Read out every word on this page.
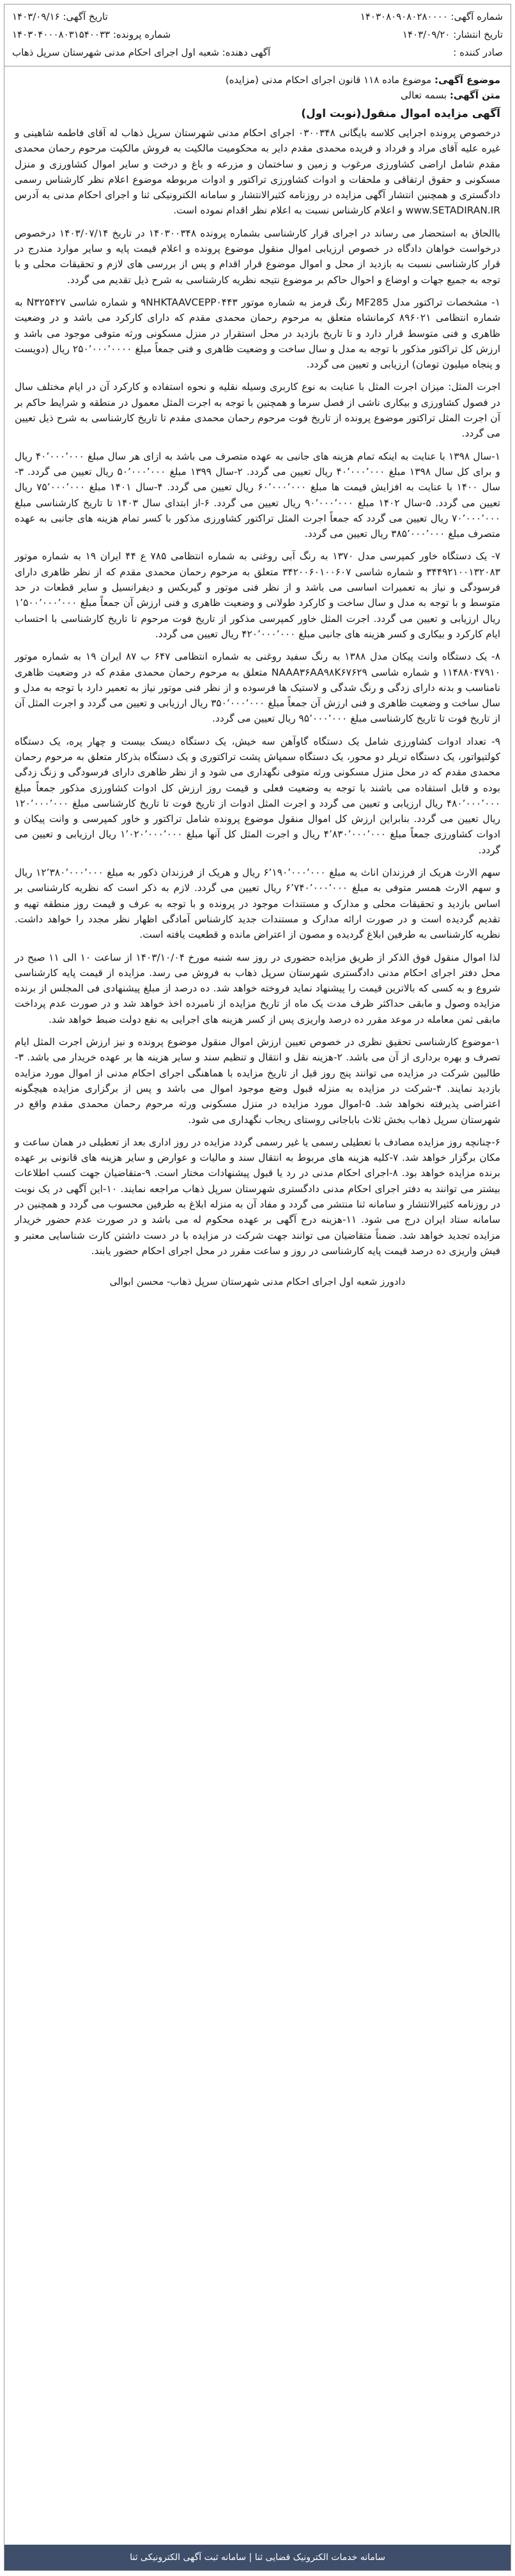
شماره آگهی: ۱۴۰۳۰۸۰۹۰۸۰۲۸۰۰۰۰
تاریخ آگهی: ۱۴۰۳/۰۹/۱۶
تاریخ انتشار: ۱۴۰۳/۰۹/۲۰
شماره پرونده: ۱۴۰۳۰۴۰۰۰۸۰۳۱۵۴۰۰۳۳
صادر کننده :
آگهی دهنده: شعبه اول اجرای احکام مدنی شهرستان سرپل ذهاب
موضوع آگهی: موضوع ماده ۱۱۸ قانون اجرای احکام مدنی (مزایده)
متن آگهی: بسمه تعالی
آگهی مزایده اموال منقول(نوبت اول)

درخصوص پرونده اجرایی کلاسه بایگانی ۰۳۰۰۳۴۸ اجرای احکام مدنی شهرستان سرپل ذهاب له آقای فاطمه شاهینی و غیره علیه آقای مراد و فرداد و فریده محمدی مقدم دایر به محکومیت مالکیت به فروش مالکیت مرحوم رحمان محمدی مقدم شامل اراضی کشاورزی مرغوب و زمین و ساختمان و مزرعه و باغ و درخت و سایر اموال کشاورزی و منزل مسکونی و حقوق ارتفاقی و ملحقات و ادوات کشاورزی تراکتور و ادوات مربوطه موضوع اعلام نظر کارشناس رسمی دادگستری و همچنین انتشار آگهی مزایده در روزنامه کثیرالانتشار و سامانه الکترونیکی ثنا و اجرای احکام مدنی به آدرس www.SETADIRAN.IR و اعلام کارشناس نسبت به اعلام نظر اقدام نموده است.

باالحاق به استحضار می رساند در اجرای قرار کارشناسی بشماره پرونده ۱۴۰۳۰۰۳۴۸ در تاریخ ۱۴۰۳/۰۷/۱۴ درخصوص درخواست خواهان دادگاه در خصوص ارزیابی اموال منقول موضوع پرونده و اعلام قیمت پایه و سایر موارد مندرج در قرار کارشناسی نسبت به بازدید از محل و اموال موضوع قرار اقدام و پس از بررسی های لازم و تحقیقات محلی و با توجه به جمیع جهات و اوضاع و احوال حاکم بر موضوع نتیجه نظریه کارشناسی به شرح ذیل تقدیم می گردد.

۱- مشخصات تراکتور مدل MF285 رنگ قرمز به شماره موتور ۹NHKTAAVCEPP۰۴۴۳ و شماره شاسی N۳۲۵۴۲۷ به شماره انتظامی ۸۹۶۰۲۱ کرمانشاه متعلق به مرحوم رحمان محمدی مقدم که دارای کارکرد می باشد و در وضعیت ظاهری و فنی متوسط قرار دارد و تا تاریخ بازدید در محل استقرار در منزل مسکونی ورثه متوفی موجود می باشد و ارزش کل تراکتور مذکور با توجه به مدل و سال ساخت و وضعیت ظاهری و فنی جمعاً مبلغ ۲۵۰٬۰۰۰٬۰۰۰۰ ریال (دویست و پنجاه میلیون تومان) ارزیابی و تعیین می گردد.

اجرت المثل: میزان اجرت المثل با عنایت به نوع کاربری وسیله نقلیه و نحوه استفاده و کارکرد آن در ایام مختلف سال در فصول کشاورزی و بیکاری ناشی از فصل سرما و همچنین با توجه به اجرت المثل معمول در منطقه و شرایط حاکم بر آن اجرت المثل تراکتور موضوع پرونده از تاریخ فوت مرحوم رحمان محمدی مقدم تا تاریخ کارشناسی به شرح ذیل تعیین می گردد.

۱-سال ۱۳۹۸ با عنایت به اینکه تمام هزینه های جانبی به عهده متصرف می باشد به ازای هر سال مبلغ ۴۰٬۰۰۰٬۰۰۰ ریال و برای کل سال ۱۳۹۸ مبلغ ۴۰٬۰۰۰٬۰۰۰ ریال تعیین می گردد. ۲-سال ۱۳۹۹ مبلغ ۵۰٬۰۰۰٬۰۰۰ ریال تعیین می گردد. ۳-سال ۱۴۰۰ با عنایت به افزایش قیمت ها مبلغ ۶۰٬۰۰۰٬۰۰۰ ریال تعیین می گردد. ۴-سال ۱۴۰۱ مبلغ ۷۵٬۰۰۰٬۰۰۰ ریال تعیین می گردد. ۵-سال ۱۴۰۲ مبلغ ۹۰٬۰۰۰٬۰۰۰ ریال تعیین می گردد. ۶-از ابتدای سال ۱۴۰۳ تا تاریخ کارشناسی مبلغ ۷۰٬۰۰۰٬۰۰۰ ریال تعیین می گردد که جمعاً اجرت المثل تراکتور کشاورزی مذکور با کسر تمام هزینه های جانبی به عهده متصرف مبلغ ۳۸۵٬۰۰۰٬۰۰۰ ریال تعیین می گردد.

۷- یک دستگاه خاور کمپرسی مدل ۱۳۷۰ به رنگ آبی روغنی به شماره انتظامی ۷۸۵ ع ۴۴ ایران ۱۹ به شماره موتور ۳۴۴۹۲۱۰۰۱۳۲۰۸۳ و شماره شاسی ۳۴۲۰۰۶۰۱۰۰۶۰۷ متعلق به مرحوم رحمان محمدی مقدم که از نظر ظاهری دارای فرسودگی و نیاز به تعمیرات اساسی می باشد و از نظر فنی موتور و گیربکس و دیفرانسیل و سایر قطعات در حد متوسط و با توجه به مدل و سال ساخت و کارکرد طولانی و وضعیت ظاهری و فنی ارزش آن جمعاً مبلغ ۱٬۵۰۰٬۰۰۰٬۰۰۰ ریال ارزیابی و تعیین می گردد. اجرت المثل خاور کمپرسی مذکور از تاریخ فوت مرحوم تا تاریخ کارشناسی با احتساب ایام کارکرد و بیکاری و کسر هزینه های جانبی مبلغ ۴۲۰٬۰۰۰٬۰۰۰ ریال تعیین می گردد.

۸- یک دستگاه وانت پیکان مدل ۱۳۸۸ به رنگ سفید روغنی به شماره انتظامی ۶۴۷ ب ۸۷ ایران ۱۹ به شماره موتور ۱۱۴۸۸۰۴۷۹۱۰ و شماره شاسی NAAA۳۶AA۹۸K۶۷۶۲۹ متعلق به مرحوم رحمان محمدی مقدم که در وضعیت ظاهری نامناسب و بدنه دارای زدگی و رنگ شدگی و لاستیک ها فرسوده و از نظر فنی موتور نیاز به تعمیر دارد با توجه به مدل و سال ساخت و وضعیت ظاهری و فنی ارزش آن جمعاً مبلغ ۳۵۰٬۰۰۰٬۰۰۰ ریال ارزیابی و تعیین می گردد و اجرت المثل آن از تاریخ فوت تا تاریخ کارشناسی مبلغ ۹۵٬۰۰۰٬۰۰۰ ریال تعیین می گردد.

۹- تعداد ادوات کشاورزی شامل یک دستگاه گاوآهن سه خیش، یک دستگاه دیسک بیست و چهار پره، یک دستگاه کولتیواتور، یک دستگاه تریلر دو محور، یک دستگاه سمپاش پشت تراکتوری و یک دستگاه بذرکار متعلق به مرحوم رحمان محمدی مقدم که در محل منزل مسکونی ورثه متوفی نگهداری می شود و از نظر ظاهری دارای فرسودگی و زنگ زدگی بوده و قابل استفاده می باشند با توجه به وضعیت فعلی و قیمت روز ارزش کل ادوات کشاورزی مذکور جمعاً مبلغ ۴۸۰٬۰۰۰٬۰۰۰ ریال ارزیابی و تعیین می گردد و اجرت المثل ادوات از تاریخ فوت تا تاریخ کارشناسی مبلغ ۱۲۰٬۰۰۰٬۰۰۰ ریال تعیین می گردد. بنابراین ارزش کل اموال منقول موضوع پرونده شامل تراکتور و خاور کمپرسی و وانت پیکان و ادوات کشاورزی جمعاً مبلغ ۴٬۸۳۰٬۰۰۰٬۰۰۰ ریال و اجرت المثل کل آنها مبلغ ۱٬۰۲۰٬۰۰۰٬۰۰۰ ریال ارزیابی و تعیین می گردد.

سهم الارث هریک از فرزندان اناث به مبلغ ۶٬۱۹۰٬۰۰۰٬۰۰۰ ریال و هریک از فرزندان ذکور به مبلغ ۱۲٬۳۸۰٬۰۰۰٬۰۰۰ ریال و سهم الارث همسر متوفی به مبلغ ۶٬۷۴۰٬۰۰۰٬۰۰۰ ریال تعیین می گردد. لازم به ذکر است که نظریه کارشناسی بر اساس بازدید و تحقیقات محلی و مدارک و مستندات موجود در پرونده و با توجه به عرف و قیمت روز منطقه تهیه و تقدیم گردیده است و در صورت ارائه مدارک و مستندات جدید کارشناس آمادگی اظهار نظر مجدد را خواهد داشت. نظریه کارشناسی به طرفین ابلاغ گردیده و مصون از اعتراض مانده و قطعیت یافته است.

لذا اموال منقول فوق الذکر از طریق مزایده حضوری در روز سه شنبه مورخ ۱۴۰۳/۱۰/۰۴ از ساعت ۱۰ الی ۱۱ صبح در محل دفتر اجرای احکام مدنی دادگستری شهرستان سرپل ذهاب به فروش می رسد. مزایده از قیمت پایه کارشناسی شروع و به کسی که بالاترین قیمت را پیشنهاد نماید فروخته خواهد شد. ده درصد از مبلغ پیشنهادی فی المجلس از برنده مزایده وصول و مابقی حداکثر ظرف مدت یک ماه از تاریخ مزایده از نامبرده اخذ خواهد شد و در صورت عدم پرداخت مابقی ثمن معامله در موعد مقرر ده درصد واریزی پس از کسر هزینه های اجرایی به نفع دولت ضبط خواهد شد.

۱-موضوع کارشناسی تحقیق نظری در خصوص تعیین ارزش اموال منقول موضوع پرونده و نیز ارزش اجرت المثل ایام تصرف و بهره برداری از آن می باشد. ۲-هزینه نقل و انتقال و تنظیم سند و سایر هزینه ها بر عهده خریدار می باشد. ۳-طالبین شرکت در مزایده می توانند پنج روز قبل از تاریخ مزایده با هماهنگی اجرای احکام مدنی از اموال مورد مزایده بازدید نمایند. ۴-شرکت در مزایده به منزله قبول وضع موجود اموال می باشد و پس از برگزاری مزایده هیچگونه اعتراضی پذیرفته نخواهد شد. ۵-اموال مورد مزایده در منزل مسکونی ورثه مرحوم رحمان محمدی مقدم واقع در شهرستان سرپل ذهاب بخش ثلاث باباجانی روستای ریجاب نگهداری می شود.

۶-چنانچه روز مزایده مصادف با تعطیلی رسمی یا غیر رسمی گردد مزایده در روز اداری بعد از تعطیلی در همان ساعت و مکان برگزار خواهد شد. ۷-کلیه هزینه های مربوط به انتقال سند و مالیات و عوارض و سایر هزینه های قانونی بر عهده برنده مزایده خواهد بود. ۸-اجرای احکام مدنی در رد یا قبول پیشنهادات مختار است. ۹-متقاضیان جهت کسب اطلاعات بیشتر می توانند به دفتر اجرای احکام مدنی دادگستری شهرستان سرپل ذهاب مراجعه نمایند. ۱۰-این آگهی در یک نوبت در روزنامه کثیرالانتشار و سامانه ثنا منتشر می گردد و مفاد آن به منزله ابلاغ به طرفین محسوب می گردد و همچنین در سامانه ستاد ایران درج می شود. ۱۱-هزینه درج آگهی بر عهده محکوم له می باشد و در صورت عدم حضور خریدار مزایده تجدید خواهد شد. ضمناً متقاضیان می توانند جهت شرکت در مزایده با در دست داشتن کارت شناسایی معتبر و فیش واریزی ده درصد قیمت پایه کارشناسی در روز و ساعت مقرر در محل اجرای احکام حضور یابند.

دادورز شعبه اول اجرای احکام مدنی شهرستان سرپل ذهاب- محسن ابوالی
سامانه خدمات الکترونیک قضایی ثنا | سامانه ثبت آگهی الکترونیکی ثنا
